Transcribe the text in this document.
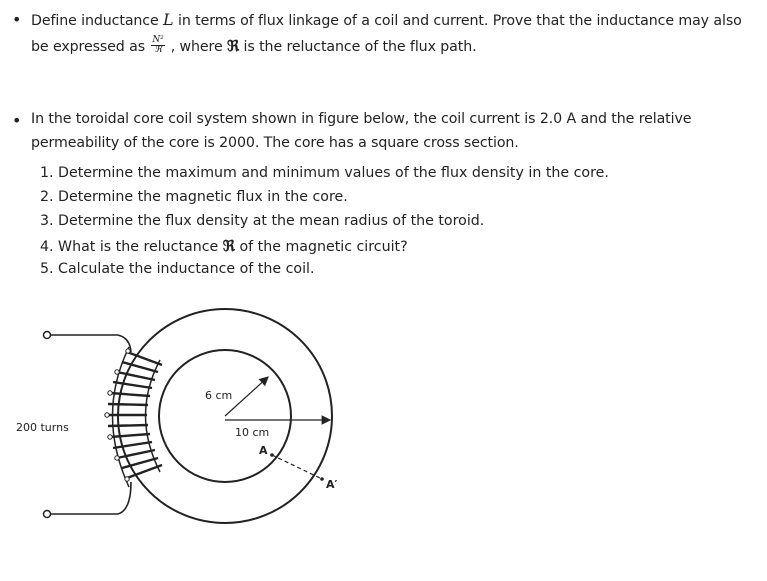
• Define inductance L in terms of flux linkage of a coil and current. Prove that the inductance may also
be expressed as $\frac{\text{N²}}{\text{ℜ}}$ , where ℜ is the reluctance of the flux path.
• In the toroidal core coil system shown in figure below, the coil current is 2.0 A and the relative
permeability of the core is 2000. The core has a square cross section.
1. Determine the maximum and minimum values of the flux density in the core.
2. Determine the magnetic flux in the core.
3. Determine the flux density at the mean radius of the toroid.
4. What is the reluctance ℜ of the magnetic circuit?
5. Calculate the inductance of the coil.
200 turns
6 cm
10 cm
A
A′
